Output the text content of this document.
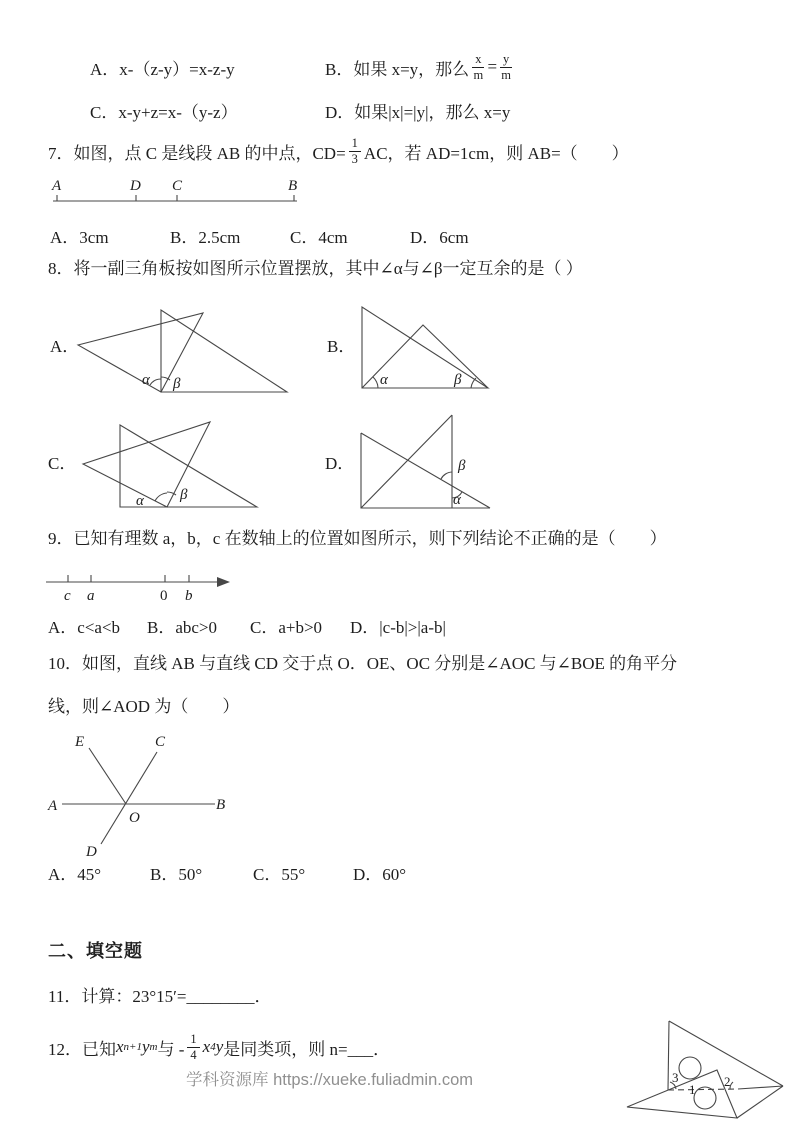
A．x-（z-y）=x-z-y	B．如果 x=y，那么 $\frac{x}{m} = \frac{y}{m}$
C．x-y+z=x-（y-z）	D．如果|x|=|y|，那么 x=y
7．如图，点 C 是线段 AB 的中点，$CD= \frac{1}{3}$ AC，若 AD=1cm，则 AB=（　　）
A	D C	B
A．3cm	B．2.5cm	C．4cm	D．6cm
8．将一副三角板按如图所示位置摆放，其中∠α与∠β一定互余的是（ ）
A．
α β
B．
α	β
C．
α β
D．	β
α
9．已知有理数 a，b，c 在数轴上的位置如图所示，则下列结论不正确的是（　　）
c a	0 b
A．c<a<b B．abc>0 C．a+b>0 D．|c-b|>|a-b|
10．如图，直线 AB 与直线 CD 交于点 O．OE、OC 分别是∠AOC 与∠BOE 的角平分
线，则∠AOD 为（　　）
E	C
A	B
O
D
A．45°	B．50°	C．55°	D．60°
二、填空题
11．计算：23°15′=________．
12．已知 x n+1 y m 与 - $\frac{1}{4}$ x 4 y 是同类项，则 n=___．
学科资源库 https://xueke.fuliadmin.com	3
1
2
